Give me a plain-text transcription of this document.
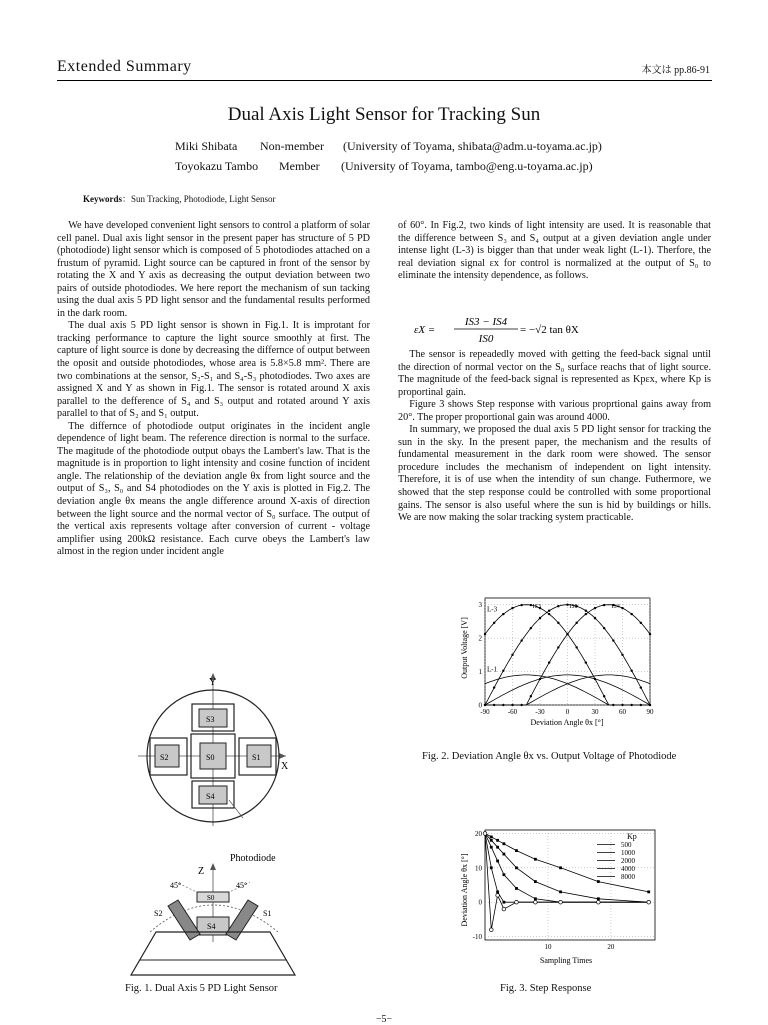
Extended Summary	本文は pp.86-91
Dual Axis Light Sensor for Tracking Sun
Miki Shibata Non-member (University of Toyama, shibata@adm.u-toyama.ac.jp)
Toyokazu Tambo Member (University of Toyama, tambo@eng.u-toyama.ac.jp)
Keywords：Sun Tracking, Photodiode, Light Sensor

We have developed convenient light sensors to control a platform of solar cell panel. Dual axis light sensor in the present paper has structure of 5 PD (photodiode) light sensor which is composed of 5 photodiodes attached on a frustum of pyramid. Light source can be captured in front of the sensor by rotating the X and Y axis as decreasing the output deviation between two pairs of outside photodiodes. We here report the mechanism of sun tacking using the dual axis 5 PD light sensor and the fundamental results performed in the dark room.

The dual axis 5 PD light sensor is shown in Fig.1. It is improtant for tracking performance to capture the light source smoothly at first. The capture of light source is done by decreasing the differnce of output between the oposit and outside photodiodes, whose area is 5.8×5.8 mm². There are two combinations at the sensor, S₂-S₁ and S₄-S₃ photodiodes. Two axes are assigned X and Y as shown in Fig.1. The sensor is rotated around X axis parallel to the defference of S₄ and S₃ output and rotated around Y axis parallel to that of S₂ and S₁ output.

The differnce of photodiode output originates in the incident angle dependence of light beam. The reference direction is normal to the surface. The magitude of the photodiode output obays the Lambert's law. That is the magnitude is in proportion to light intensity and cosine function of incident angle. The relationship of the deviation angle θx from light source and the output of S₃, S₀ and S4 photodiodes on the Y axis is plotted in Fig.2. The deviation angle θx means the angle difference around X-axis of direction between the light source and the normal vector of S₀ surface. The output of the vertical axis represents voltage after conversion of current - voltage amplifier using 200kΩ resistance. Each curve obeys the Lambert's law almost in the region under incident angle

of 60°. In Fig.2, two kinds of light intensity are used. It is reasonable that the difference between S₃ and S₄ output at a given deviation angle under intense light (L-3) is bigger than that under weak light (L-1). Therfore, the real deviation signal εx for control is normalized at the output of S₀ to eliminate the intensity dependence, as follows.

εX =
IS3 − IS4
IS0
= −√2 tan θX

The sensor is repeadedly moved with getting the feed-back signal until the direction of normal vector on the S₀ surface reachs that of light source. The magnitude of the feed-back signal is represented as Kpεx, where Kp is proportinal gain.

Figure 3 shows Step response with various proprtional gains away from 20°. The proper proportional gain was around 4000.

In summary, we proposed the dual axis 5 PD light sensor for tracking the sun in the sky. In the present paper, the mechanism and the results of fundamental measurement in the dark room were showed. The sensor procedure includes the mechanism of independent on light intensity. Therefore, it is of use when the intendity of sun change. Futhermore, we showed that the step response could be controlled with some proportional gains. The sensor is also useful where the sun is hid by buildings or hills. We are now making the solar tracking system practicable.

Y
X
S0
S3
S4
S2	S1
Photodiode
Z
45°	45°
S0
S4
S2	S1
Fig. 1. Dual Axis 5 PD Light Sensor
Output Voltage [V]
Deviation Angle θx [°]
-90	-60	-30	0	30	60	90
0
1
2
3
L-3
L-1
IS3	IS0	IS4
Fig. 2. Deviation Angle θx vs. Output Voltage of Photodiode
Deviation Angle θx [°]
Sampling Times
20
10
0
-10
10	20
Kp
500
1000
2000
4000
8000
Fig. 3. Step Response
−5−
